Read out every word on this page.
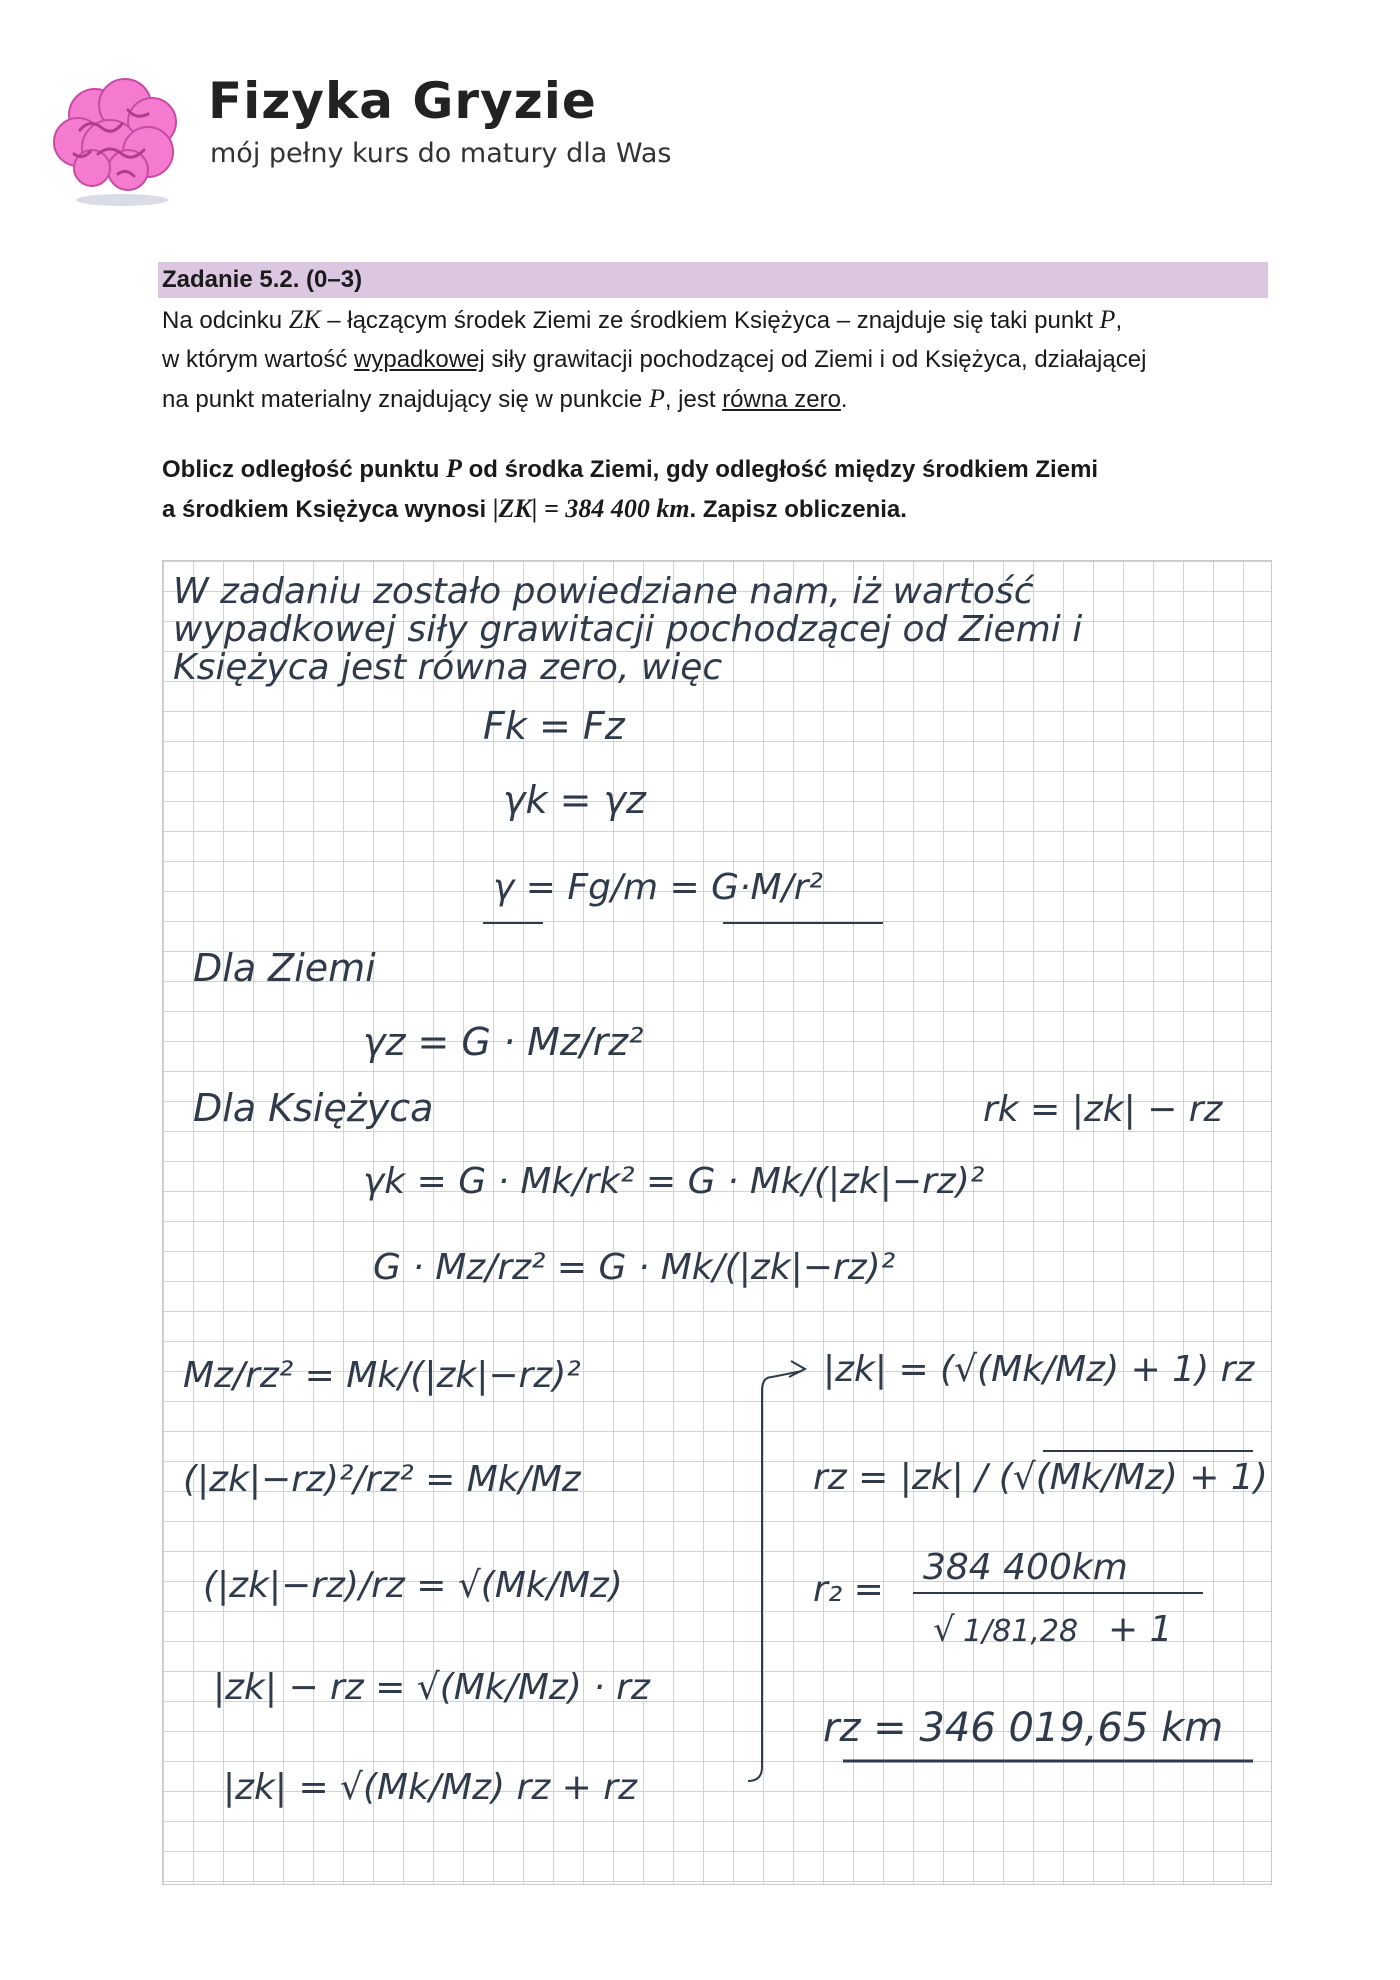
Fizyka Gryzie
mój pełny kurs do matury dla Was
Zadanie 5.2. (0–3)
Na odcinku ZK – łączącym środek Ziemi ze środkiem Księżyca – znajduje się taki punkt P,
w którym wartość wypadkowej siły grawitacji pochodzącej od Ziemi i od Księżyca, działającej
na punkt materialny znajdujący się w punkcie P, jest równa zero.
Oblicz odległość punktu P od środka Ziemi, gdy odległość między środkiem Ziemi
a środkiem Księżyca wynosi |ZK| = 384 400 km. Zapisz obliczenia.
W zadaniu zostało powiedziane nam, iż wartość
wypadkowej siły grawitacji pochodzącej od Ziemi i
Księżyca jest równa zero, więc
Fk = Fz
γk = γz
γ = Fg/m = G·M/r²
Dla Ziemi
γz = G · Mz/rz²
Dla Księżyca	rk = |zk| − rz
γk = G · Mk/rk² = G · Mk/(|zk|−rz)²
G · Mz/rz² = G · Mk/(|zk|−rz)²
Mz/rz² = Mk/(|zk|−rz)²
(|zk|−rz)²/rz² = Mk/Mz
(|zk|−rz)/rz = √(Mk/Mz)
|zk| − rz = √(Mk/Mz) · rz
|zk| = √(Mk/Mz) rz + rz
|zk| = (√(Mk/Mz) + 1) rz
rz = |zk| / (√(Mk/Mz) + 1)
r₂ =
384 400km
√ 1/81,28 + 1
rz = 346 019,65 km
